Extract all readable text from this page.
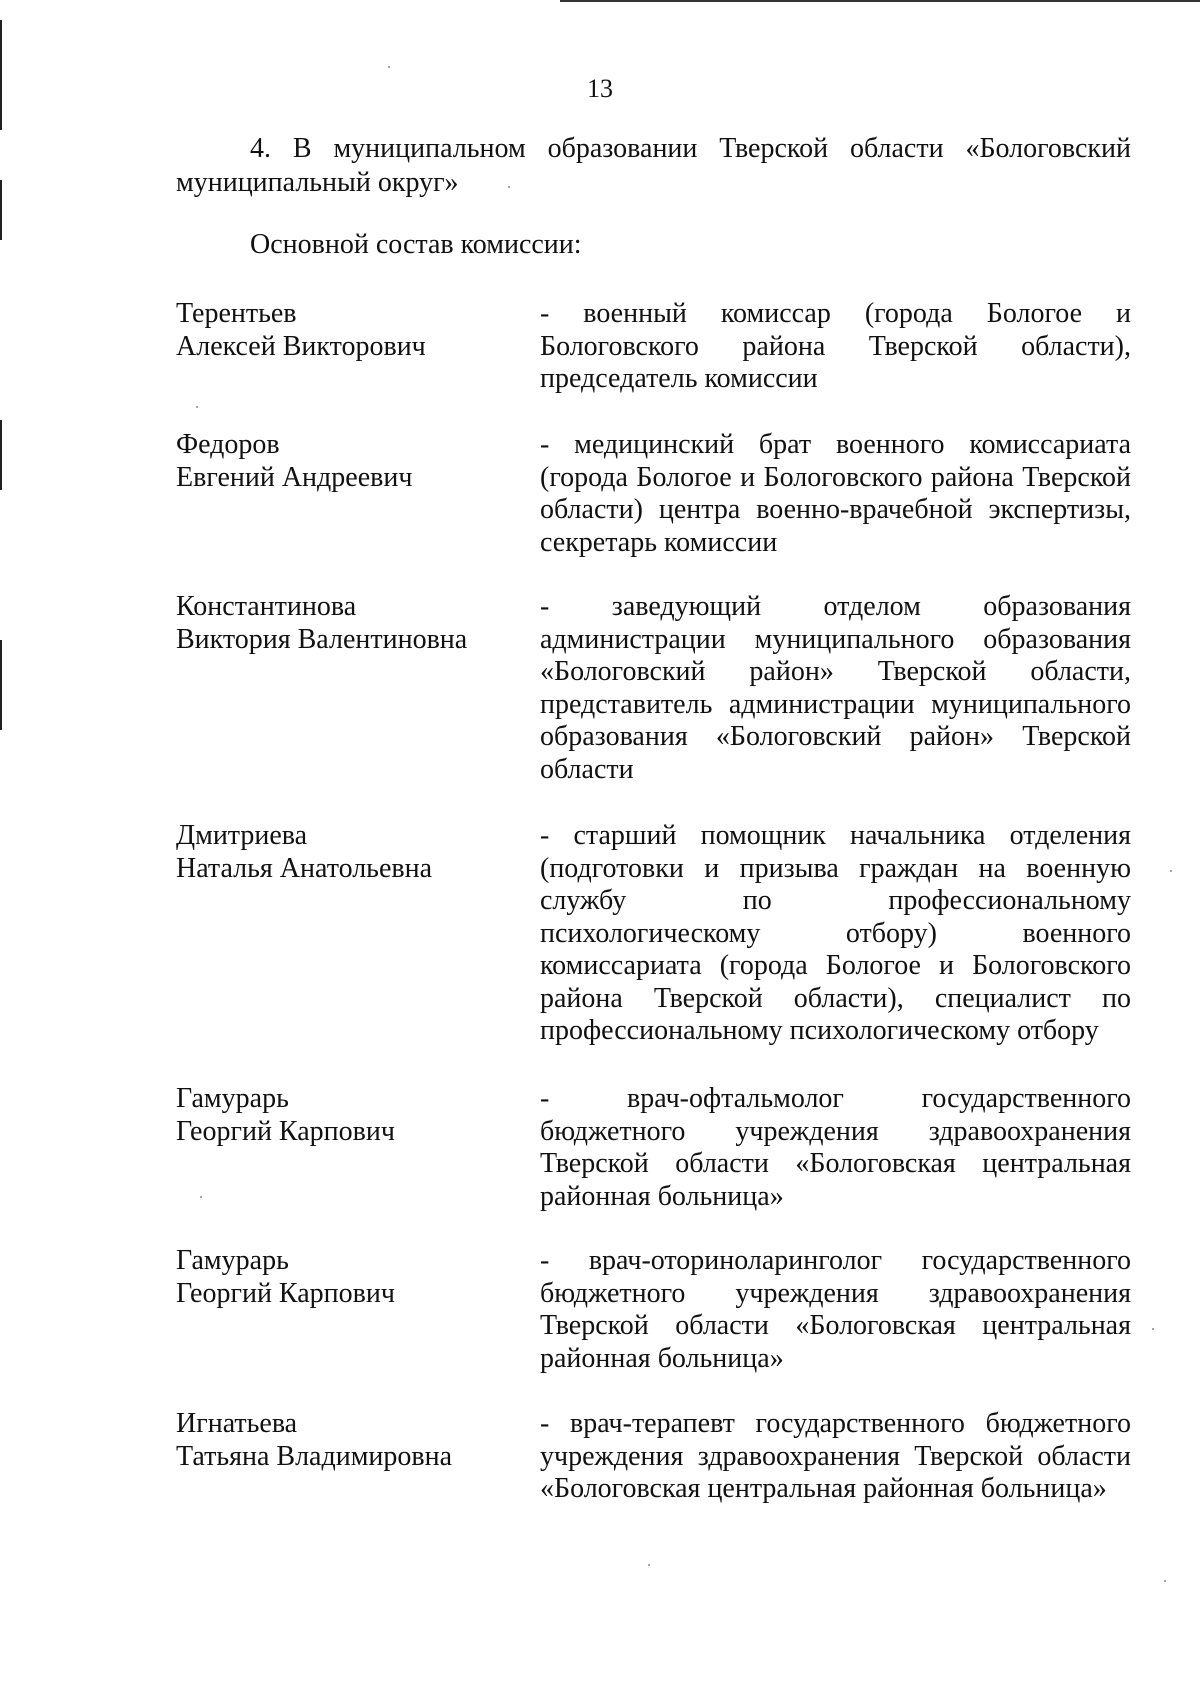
13
4. В муниципальном образовании Тверской области «Бологовский муниципальный округ»
Основной состав комиссии:
Терентьев
Алексей Викторович
- военный комиссар (города Бологое и Бологовского района Тверской области), председатель комиссии
Федоров
Евгений Андреевич
- медицинский брат военного комиссариата (города Бологое и Бологовского района Тверской области) центра военно-врачебной экспертизы, секретарь комиссии
Константинова
Виктория Валентиновна
- заведующий отделом образования администрации муниципального образования «Бологовский район» Тверской области, представитель администрации муниципального образования «Бологовский район» Тверской области
Дмитриева
Наталья Анатольевна
- старший помощник начальника отделения (подготовки и призыва граждан на военную службу по профессиональному психологическому отбору) военного комиссариата (города Бологое и Бологовского района Тверской области), специалист по профессиональному психологическому отбору
Гамурарь
Георгий Карпович
- врач-офтальмолог государственного бюджетного учреждения здравоохранения Тверской области «Бологовская центральная районная больница»
Гамурарь
Георгий Карпович
- врач-оториноларинголог государственного бюджетного учреждения здравоохранения Тверской области «Бологовская центральная районная больница»
Игнатьева
Татьяна Владимировна
- врач-терапевт государственного бюджетного учреждения здравоохранения Тверской области «Бологовская центральная районная больница»
